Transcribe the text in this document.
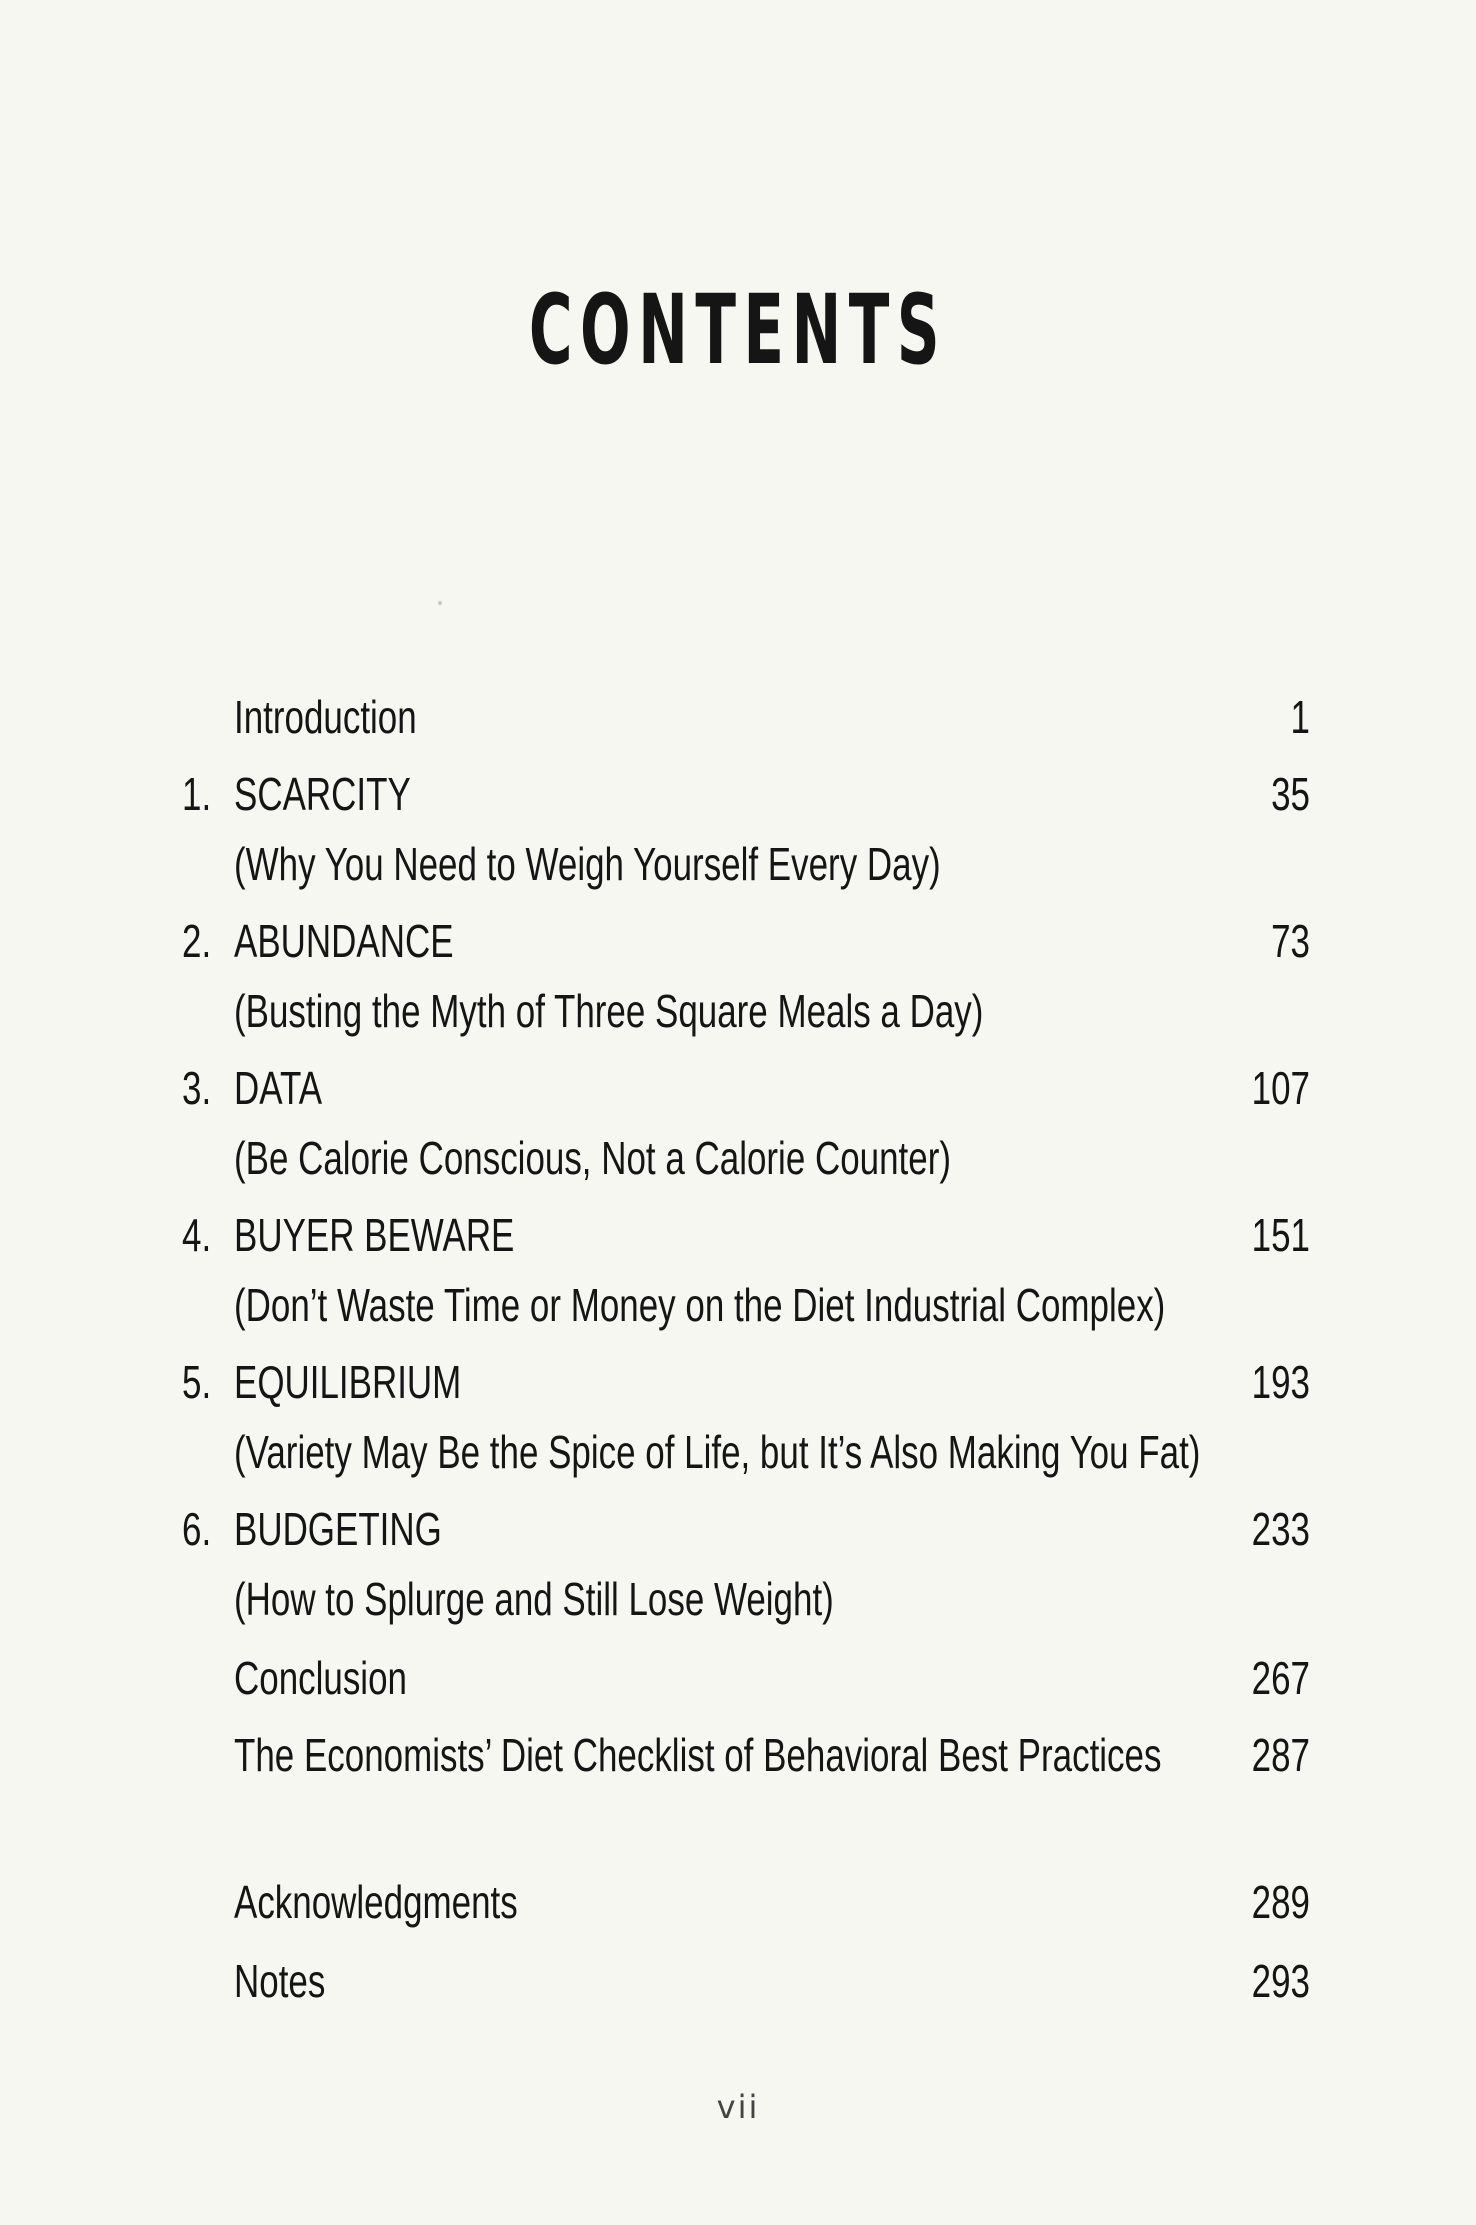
CONTENTS
Introduction	1
1. SCARCITY	35
(Why You Need to Weigh Yourself Every Day)
2. ABUNDANCE	73
(Busting the Myth of Three Square Meals a Day)
3. DATA	107
(Be Calorie Conscious, Not a Calorie Counter)
4. BUYER BEWARE	151
(Don’t Waste Time or Money on the Diet Industrial Complex)
5. EQUILIBRIUM	193
(Variety May Be the Spice of Life, but It’s Also Making You Fat)
6. BUDGETING	233
(How to Splurge and Still Lose Weight)
Conclusion	267
The Economists’ Diet Checklist of Behavioral Best Practices 287
Acknowledgments	289
Notes	293
vii
